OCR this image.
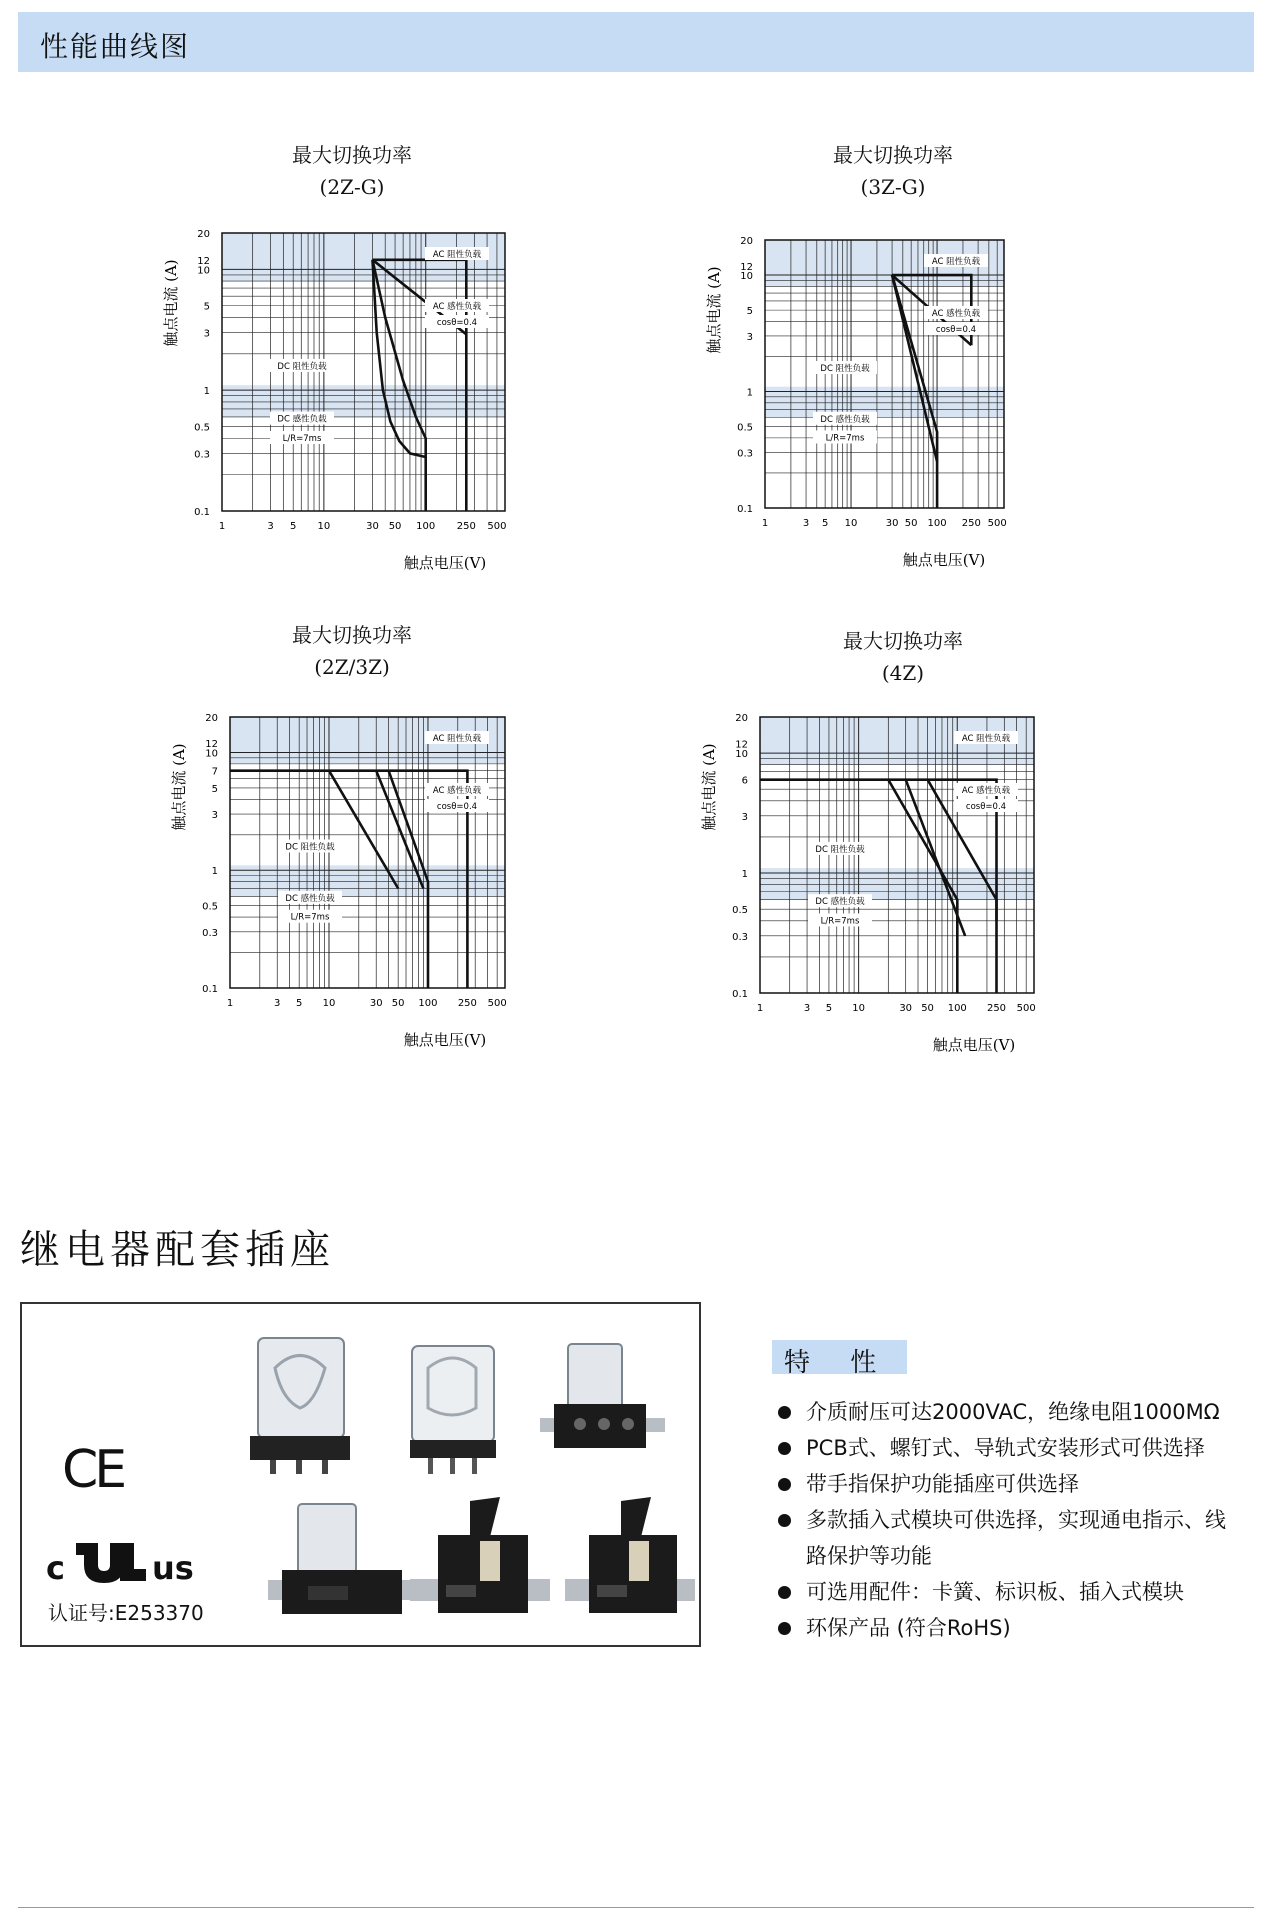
性能曲线图
最大切换功率
(2Z-G)
最大切换功率
(3Z-G)
最大切换功率
(2Z/3Z)
最大切换功率
(4Z)
1	3 5 10	30 50 100 250 500
0.1
0.3
0.5
1
3
5
10
12
20
触点电压(V)
触点电流 (A)
AC 阻性负载
AC 感性负载
cosθ=0.4
DC 阻性负载
DC 感性负载
L/R=7ms
1	3 5 10	30 50 100 250 500
0.1
0.3
0.5
1
3
5
10
12
20
触点电压(V)
触点电流 (A)
AC 阻性负载
AC 感性负载
cosθ=0.4
DC 阻性负载
DC 感性负载
L/R=7ms
1	3 5 10	30 50 100 250 500
0.1
0.3
0.5
1
3
5
7
10
12
20
触点电压(V)
触点电流 (A)
AC 阻性负载
AC 感性负载
cosθ=0.4
DC 阻性负载
DC 感性负载
L/R=7ms
1	3 5 10	30 50 100 250 500
0.1
0.3
0.5
1
3
6
10
12
20
触点电压(V)
触点电流 (A)
AC 阻性负载
AC 感性负载
cosθ=0.4
DC 阻性负载
DC 感性负载
L/R=7ms
继电器配套插座
CE
c	us
认证号:E253370
特 性
介质耐压可达2000VAC，绝缘电阻1000MΩ
PCB式、螺钉式、导轨式安装形式可供选择
带手指保护功能插座可供选择
多款插入式模块可供选择，实现通电指示、线路保护等功能
可选用配件：卡簧、标识板、插入式模块
环保产品 (符合RoHS)
